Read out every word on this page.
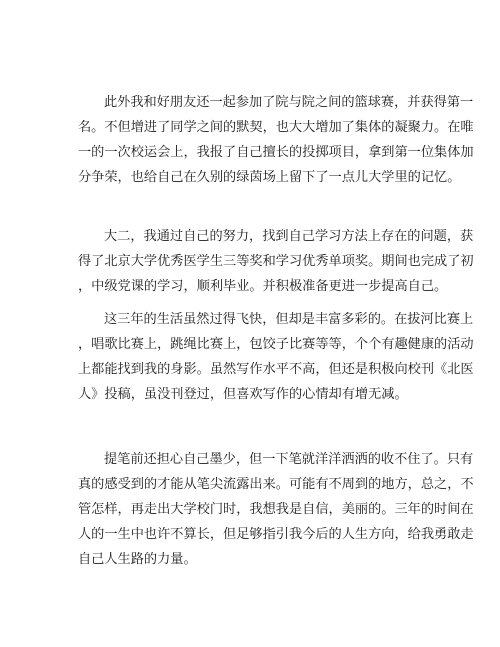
此外我和好朋友还一起参加了院与院之间的篮球赛，并获得第一
名。不但增进了同学之间的默契，也大大增加了集体的凝聚力。在唯
一的一次校运会上，我报了自己擅长的投掷项目，拿到第一位集体加
分争荣，也给自己在久别的绿茵场上留下了一点儿大学里的记忆。
大二，我通过自己的努力，找到自己学习方法上存在的问题，获
得了北京大学优秀医学生三等奖和学习优秀单项奖。期间也完成了初
，中级党课的学习，顺利毕业。并积极准备更进一步提高自己。
这三年的生活虽然过得飞快，但却是丰富多彩的。在拔河比赛上
，唱歌比赛上，跳绳比赛上，包饺子比赛等等，个个有趣健康的活动
上都能找到我的身影。虽然写作水平不高，但还是积极向校刊《北医
人》投稿，虽没刊登过，但喜欢写作的心情却有增无减。
提笔前还担心自己墨少，但一下笔就洋洋洒洒的收不住了。只有
真的感受到的才能从笔尖流露出来。可能有不周到的地方，总之，不
管怎样，再走出大学校门时，我想我是自信，美丽的。三年的时间在
人的一生中也许不算长，但足够指引我今后的人生方向，给我勇敢走
自己人生路的力量。
